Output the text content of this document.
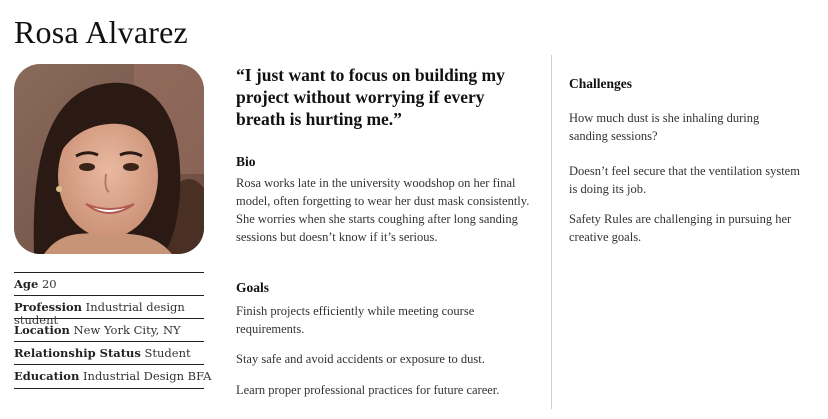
Rosa Alvarez
Age 20
Profession Industrial design student
Location New York City, NY
Relationship Status Student
Education Industrial Design BFA

“I just want to focus on building my project without worrying if every breath is hurting me.”

Bio

Rosa works late in the university woodshop on her final model, often forgetting to wear her dust mask consistently. She worries when she starts coughing after long sanding sessions but doesn’t know if it’s serious.

Goals

Finish projects efficiently while meeting course requirements.

Stay safe and avoid accidents or exposure to dust.

Learn proper professional practices for future career.

Challenges

How much dust is she inhaling during sanding sessions?

Doesn’t feel secure that the ventilation system is doing its job.

Safety Rules are challenging in pursuing her creative goals.
